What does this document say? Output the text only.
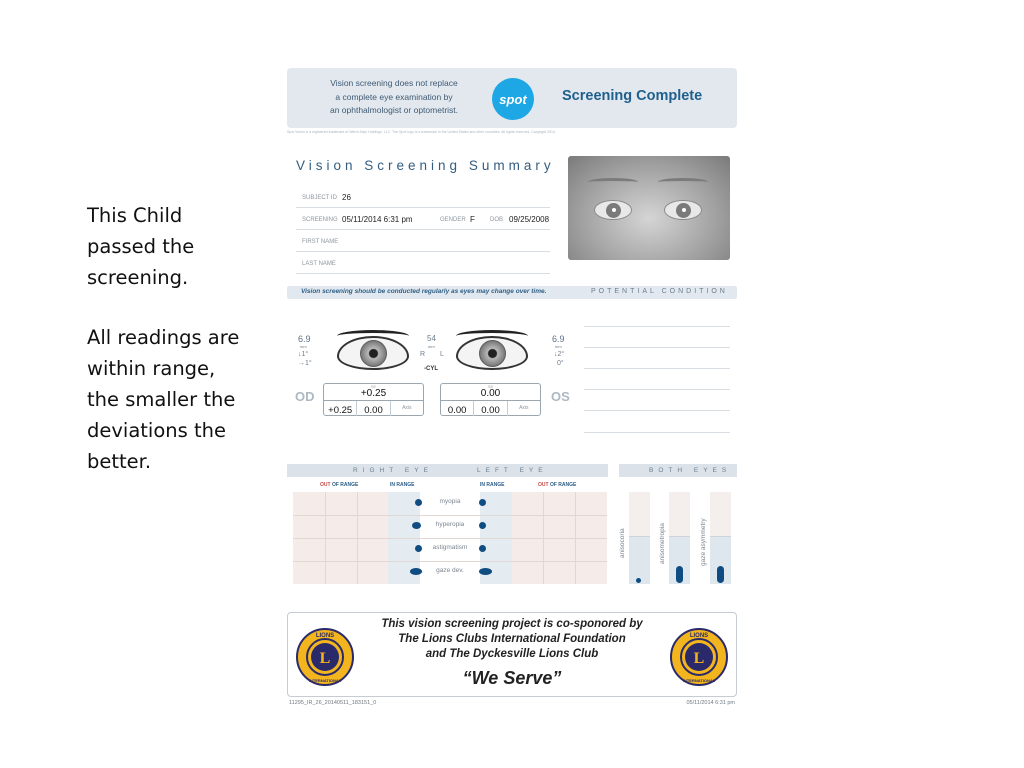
This Child

passed the

screening.

All readings are

within range,

the smaller the

deviations the

better.

Vision screening does not replace
a complete eye examination by
an ophthalmologist or optometrist.
spot	Screening Complete
Spot Vision is a registered trademark of Welch Allyn Holdings, LLC. The Spot logo is a trademark in the United States and other countries. All rights reserved. Copyright 2014.
Vision Screening Summary
SUBJECT ID 26
SCREENING 05/11/2014 6:31 pm	GENDER F	DOB 09/25/2008
FIRST NAME
LAST NAME
Vision screening should be conducted regularly as eyes may change over time.	POTENTIAL CONDITION
6.9
mm
↓1°
→1°
OD
54
mm
R L
-CYL
6.9
mm
↓2°
0°
OS
SE
+0.25
+0.25	0.00	Axis
SE
0.00
0.00	0.00	Axis
RIGHT EYE	LEFT EYE	BOTH EYES
OUT OF RANGE	IN RANGE	IN RANGE	OUT OF RANGE
myopia
hyperopia
astigmatism
gaze dev.
anisocoria	anisometropia	gaze asymmetry
L
LIONS
INTERNATIONAL
This vision screening project is co-sponored by
The Lions Clubs International Foundation
and The Dyckesville Lions Club
“We Serve”
L
LIONS
INTERNATIONAL
11295_IR_26_20140511_183151_0	05/11/2014 6:31 pm
